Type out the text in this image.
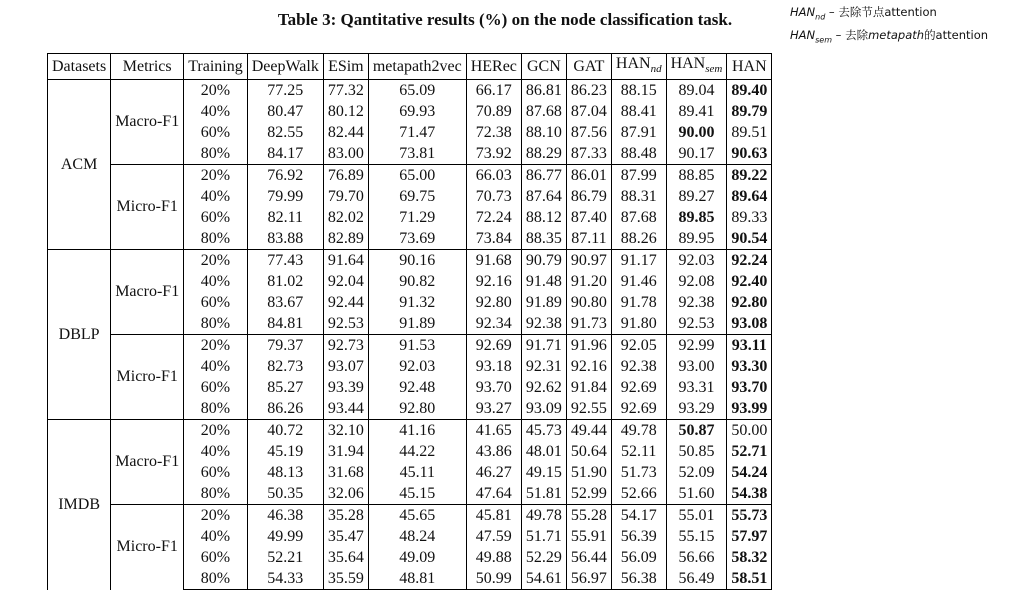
Table 3: Qantitative results (%) on the node classification task.	$HAN_{nd}$ – 去除节点attention
$HAN_{sem}$ – 去除metapath的attention
Datasets	Metrics	Training	DeepWalk	ESim	metapath2vec	HERec	GCN	GAT	$HAN_{nd}$	$HAN_{sem}$	HAN
ACM	Macro-F1	20%	77.25	77.32	65.09	66.17	86.81	86.23	88.15	89.04	89.40
		40%	80.47	80.12	69.93	70.89	87.68	87.04	88.41	89.41	89.79
		60%	82.55	82.44	71.47	72.38	88.10	87.56	87.91	90.00	89.51
		80%	84.17	83.00	73.81	73.92	88.29	87.33	88.48	90.17	90.63
	Micro-F1	20%	76.92	76.89	65.00	66.03	86.77	86.01	87.99	88.85	89.22
		40%	79.99	79.70	69.75	70.73	87.64	86.79	88.31	89.27	89.64
		60%	82.11	82.02	71.29	72.24	88.12	87.40	87.68	89.85	89.33
		80%	83.88	82.89	73.69	73.84	88.35	87.11	88.26	89.95	90.54
DBLP	Macro-F1	20%	77.43	91.64	90.16	91.68	90.79	90.97	91.17	92.03	92.24
		40%	81.02	92.04	90.82	92.16	91.48	91.20	91.46	92.08	92.40
		60%	83.67	92.44	91.32	92.80	91.89	90.80	91.78	92.38	92.80
		80%	84.81	92.53	91.89	92.34	92.38	91.73	91.80	92.53	93.08
	Micro-F1	20%	79.37	92.73	91.53	92.69	91.71	91.96	92.05	92.99	93.11
		40%	82.73	93.07	92.03	93.18	92.31	92.16	92.38	93.00	93.30
		60%	85.27	93.39	92.48	93.70	92.62	91.84	92.69	93.31	93.70
		80%	86.26	93.44	92.80	93.27	93.09	92.55	92.69	93.29	93.99
IMDB	Macro-F1	20%	40.72	32.10	41.16	41.65	45.73	49.44	49.78	50.87	50.00
		40%	45.19	31.94	44.22	43.86	48.01	50.64	52.11	50.85	52.71
		60%	48.13	31.68	45.11	46.27	49.15	51.90	51.73	52.09	54.24
		80%	50.35	32.06	45.15	47.64	51.81	52.99	52.66	51.60	54.38
	Micro-F1	20%	46.38	35.28	45.65	45.81	49.78	55.28	54.17	55.01	55.73
		40%	49.99	35.47	48.24	47.59	51.71	55.91	56.39	55.15	57.97
		60%	52.21	35.64	49.09	49.88	52.29	56.44	56.09	56.66	58.32
		80%	54.33	35.59	48.81	50.99	54.61	56.97	56.38	56.49	58.51
